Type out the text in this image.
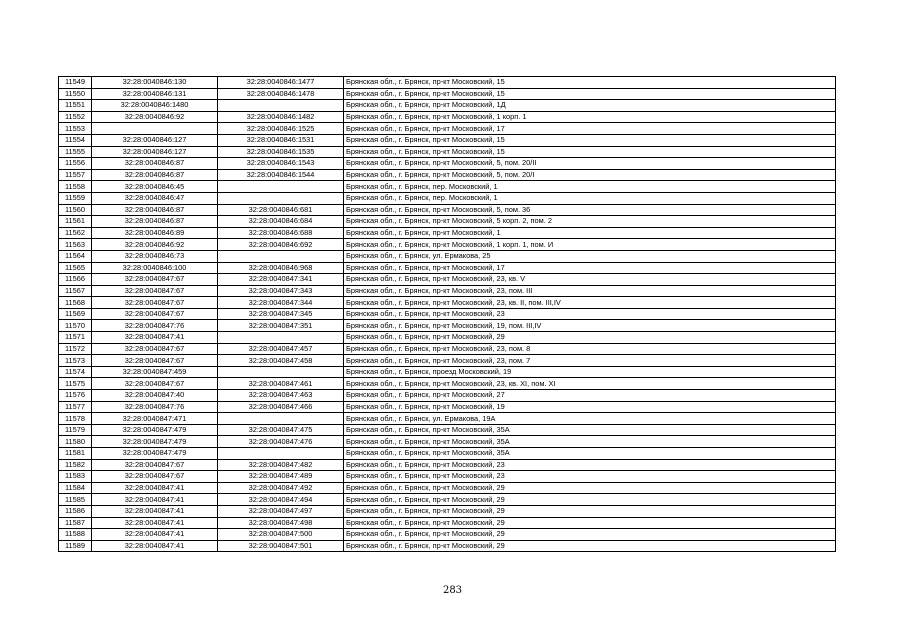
11549	32:28:0040846:130	32:28:0040846:1477	Брянская обл., г. Брянск, пр-кт Московский, 15
11550	32:28:0040846:131	32:28:0040846:1478	Брянская обл., г. Брянск, пр-кт Московский, 15
11551	32:28:0040846:1480		Брянская обл., г. Брянск, пр-кт Московский, 1Д
11552	32:28:0040846:92	32:28:0040846:1482	Брянская обл., г. Брянск, пр-кт Московский, 1 корп. 1
11553		32:28:0040846:1525	Брянская обл., г. Брянск, пр-кт Московский, 17
11554	32:28:0040846:127	32:28:0040846:1531	Брянская обл., г. Брянск, пр-кт Московский, 15
11555	32:28:0040846:127	32:28:0040846:1535	Брянская обл., г. Брянск, пр-кт Московский, 15
11556	32:28:0040846:87	32:28:0040846:1543	Брянская обл., г. Брянск, пр-кт Московский, 5, пом. 20/II
11557	32:28:0040846:87	32:28:0040846:1544	Брянская обл., г. Брянск, пр-кт Московский, 5, пом. 20/I
11558	32:28:0040846:45		Брянская обл., г. Брянск, пер. Московский, 1
11559	32:28:0040846:47		Брянская обл., г. Брянск, пер. Московский, 1
11560	32:28:0040846:87	32:28:0040846:681	Брянская обл., г. Брянск, пр-кт Московский, 5, пом. 36
11561	32:28:0040846:87	32:28:0040846:684	Брянская обл., г. Брянск, пр-кт Московский, 5 корп. 2, пом. 2
11562	32:28:0040846:89	32:28:0040846:688	Брянская обл., г. Брянск, пр-кт Московский, 1
11563	32:28:0040846:92	32:28:0040846:692	Брянская обл., г. Брянск, пр-кт Московский, 1 корп. 1, пом. И
11564	32:28:0040846:73		Брянская обл., г. Брянск, ул. Ермакова, 25
11565	32:28:0040846:100	32:28:0040846:968	Брянская обл., г. Брянск, пр-кт Московский, 17
11566	32:28:0040847:67	32:28:0040847:341	Брянская обл., г. Брянск, пр-кт Московский, 23, кв. V
11567	32:28:0040847:67	32:28:0040847:343	Брянская обл., г. Брянск, пр-кт Московский, 23, пом. III
11568	32:28:0040847:67	32:28:0040847:344	Брянская обл., г. Брянск, пр-кт Московский, 23, кв. II, пом. III,IV
11569	32:28:0040847:67	32:28:0040847:345	Брянская обл., г. Брянск, пр-кт Московский, 23
11570	32:28:0040847:76	32:28:0040847:351	Брянская обл., г. Брянск, пр-кт Московский, 19, пом. III,IV
11571	32:28:0040847:41		Брянская обл., г. Брянск, пр-кт Московский, 29
11572	32:28:0040847:67	32:28:0040847:457	Брянская обл., г. Брянск, пр-кт Московский, 23, пом. 8
11573	32:28:0040847:67	32:28:0040847:458	Брянская обл., г. Брянск, пр-кт Московский, 23, пом. 7
11574	32:28:0040847:459		Брянская обл., г. Брянск, проезд Московский, 19
11575	32:28:0040847:67	32:28:0040847:461	Брянская обл., г. Брянск, пр-кт Московский, 23, кв. XI, пом. XI
11576	32:28:0040847:40	32:28:0040847:463	Брянская обл., г. Брянск, пр-кт Московский, 27
11577	32:28:0040847:76	32:28:0040847:466	Брянская обл., г. Брянск, пр-кт Московский, 19
11578	32:28:0040847:471		Брянская обл., г. Брянск, ул. Ермакова, 19А
11579	32:28:0040847:479	32:28:0040847:475	Брянская обл., г. Брянск, пр-кт Московский, 35А
11580	32:28:0040847:479	32:28:0040847:476	Брянская обл., г. Брянск, пр-кт Московский, 35А
11581	32:28:0040847:479		Брянская обл., г. Брянск, пр-кт Московский, 35А
11582	32:28:0040847:67	32:28:0040847:482	Брянская обл., г. Брянск, пр-кт Московский, 23
11583	32:28:0040847:67	32:28:0040847:489	Брянская обл., г. Брянск, пр-кт Московский, 23
11584	32:28:0040847:41	32:28:0040847:492	Брянская обл., г. Брянск, пр-кт Московский, 29
11585	32:28:0040847:41	32:28:0040847:494	Брянская обл., г. Брянск, пр-кт Московский, 29
11586	32:28:0040847:41	32:28:0040847:497	Брянская обл., г. Брянск, пр-кт Московский, 29
11587	32:28:0040847:41	32:28:0040847:498	Брянская обл., г. Брянск, пр-кт Московский, 29
11588	32:28:0040847:41	32:28:0040847:500	Брянская обл., г. Брянск, пр-кт Московский, 29
11589	32:28:0040847:41	32:28:0040847:501	Брянская обл., г. Брянск, пр-кт Московский, 29
283
